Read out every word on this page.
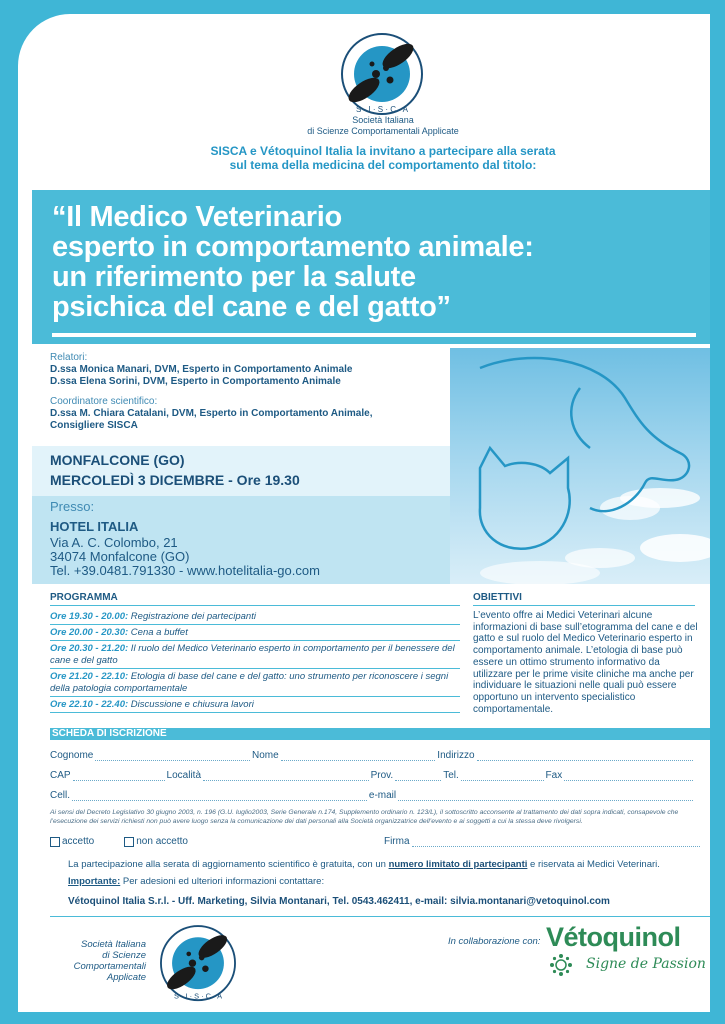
S · I · S · C · A
Società Italiana
di Scienze Comportamentali Applicate
SISCA e Vétoquinol Italia la invitano a partecipare alla serata
sul tema della medicina del comportamento dal titolo:
“Il Medico Veterinario
esperto in comportamento animale:
un riferimento per la salute
psichica del cane e del gatto”
Relatori:
D.ssa Monica Manari, DVM, Esperto in Comportamento Animale
D.ssa Elena Sorini, DVM, Esperto in Comportamento Animale
Coordinatore scientifico:
D.ssa M. Chiara Catalani, DVM, Esperto in Comportamento Animale,
Consigliere SISCA
MONFALCONE (GO)
MERCOLEDÌ 3 DICEMBRE - Ore 19.30
Presso:
HOTEL ITALIA
Via A. C. Colombo, 21
34074 Monfalcone (GO)
Tel. +39.0481.791330 - www.hotelitalia-go.com
PROGRAMMA
Ore 19.30 - 20.00: Registrazione dei partecipanti
Ore 20.00 - 20.30: Cena a buffet
Ore 20.30 - 21.20: Il ruolo del Medico Veterinario esperto in comportamento per il benessere del cane e del gatto
Ore 21.20 - 22.10: Etologia di base del cane e del gatto: uno strumento per riconoscere i segni della patologia comportamentale
Ore 22.10 - 22.40: Discussione e chiusura lavori
OBIETTIVI
L’evento offre ai Medici Veterinari alcune informazioni di base sull’etogramma del cane e del gatto e sul ruolo del Medico Veterinario esperto in comportamento animale. L’etologia di base può essere un ottimo strumento informativo da utilizzare per le prime visite cliniche ma anche per individuare le situazioni nelle quali può essere opportuno un intervento specialistico comportamentale.
SCHEDA DI ISCRIZIONE
Cognome	Nome	Indirizzo
CAP	Località	Prov.	Tel.	Fax
Cell.	e-mail
Ai sensi del Decreto Legislativo 30 giugno 2003, n. 196 (G.U. luglio2003, Serie Generale n.174, Supplemento ordinario n. 123/L), il sottoscritto acconsente al trattamento dei dati sopra indicati, consapevole che l’esecuzione dei servizi richiesti non può avere luogo senza la comunicazione dei dati personali alla Società organizzatrice dell’evento e ai soggetti a cui la stessa deve rivolgersi.
accetto	non accetto	Firma
La partecipazione alla serata di aggiornamento scientifico è gratuita, con un numero limitato di partecipanti e riservata ai Medici Veterinari.
Importante: Per adesioni ed ulteriori informazioni contattare:
Vétoquinol Italia S.r.l. - Uff. Marketing, Silvia Montanari, Tel. 0543.462411, e-mail: silvia.montanari@vetoquinol.com
Società Italiana
di Scienze
Comportamentali
Applicate
S · I · S · C · A
In collaborazione con: Vétoquinol
Signe de Passion
